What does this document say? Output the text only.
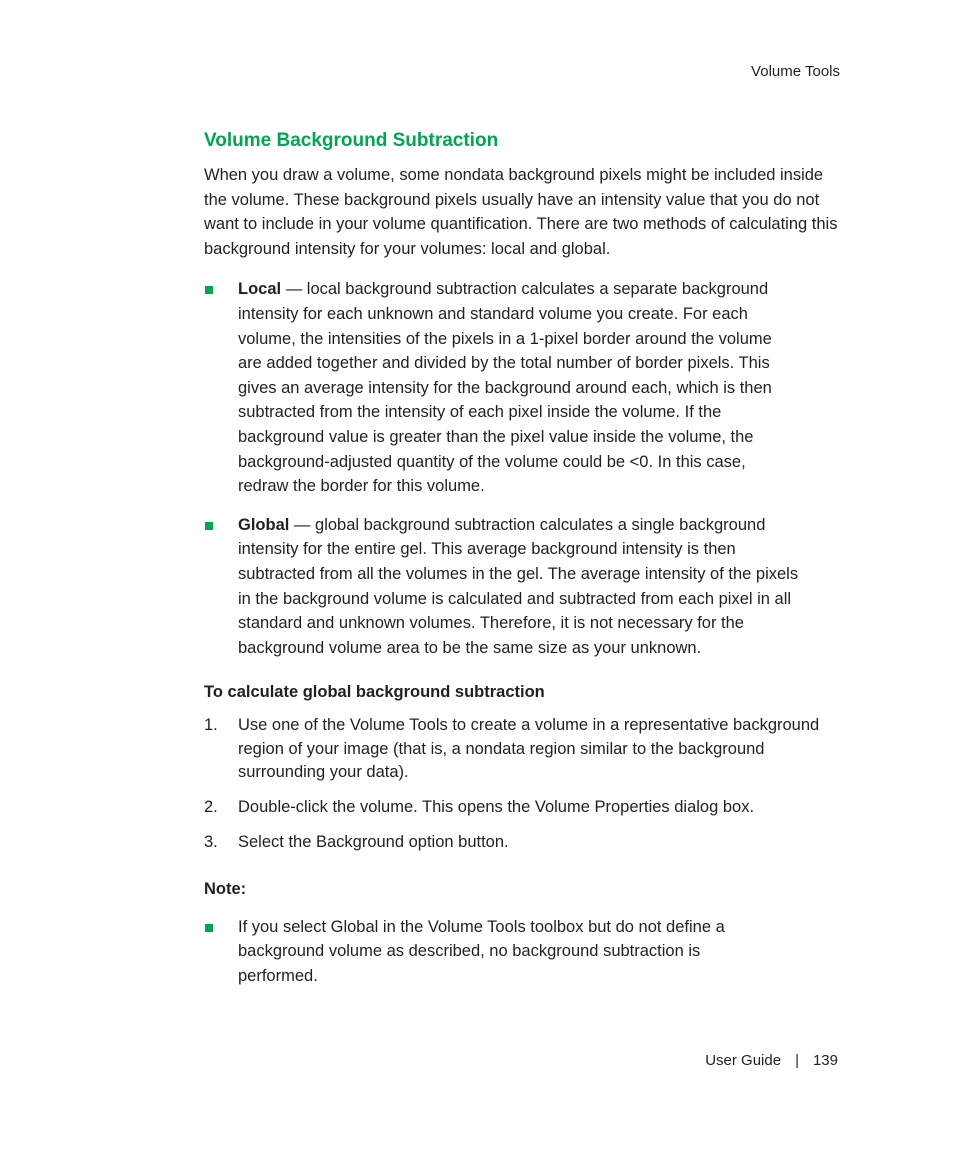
Volume Tools
Volume Background Subtraction

When you draw a volume, some nondata background pixels might be included inside the volume. These background pixels usually have an intensity value that you do not want to include in your volume quantification. There are two methods of calculating this background intensity for your volumes: local and global.

Local — local background subtraction calculates a separate background intensity for each unknown and standard volume you create. For each volume, the intensities of the pixels in a 1-pixel border around the volume are added together and divided by the total number of border pixels. This gives an average intensity for the background around each, which is then subtracted from the intensity of each pixel inside the volume. If the background value is greater than the pixel value inside the volume, the background-adjusted quantity of the volume could be <0. In this case, redraw the border for this volume.
Global — global background subtraction calculates a single background intensity for the entire gel. This average background intensity is then subtracted from all the volumes in the gel. The average intensity of the pixels in the background volume is calculated and subtracted from each pixel in all standard and unknown volumes. Therefore, it is not necessary for the background volume area to be the same size as your unknown.
To calculate global background subtraction
1. Use one of the Volume Tools to create a volume in a representative background region of your image (that is, a nondata region similar to the background surrounding your data).
2. Double-click the volume. This opens the Volume Properties dialog box.
3. Select the Background option button.
Note:
If you select Global in the Volume Tools toolbox but do not define a background volume as described, no background subtraction is performed.
User Guide | 139
